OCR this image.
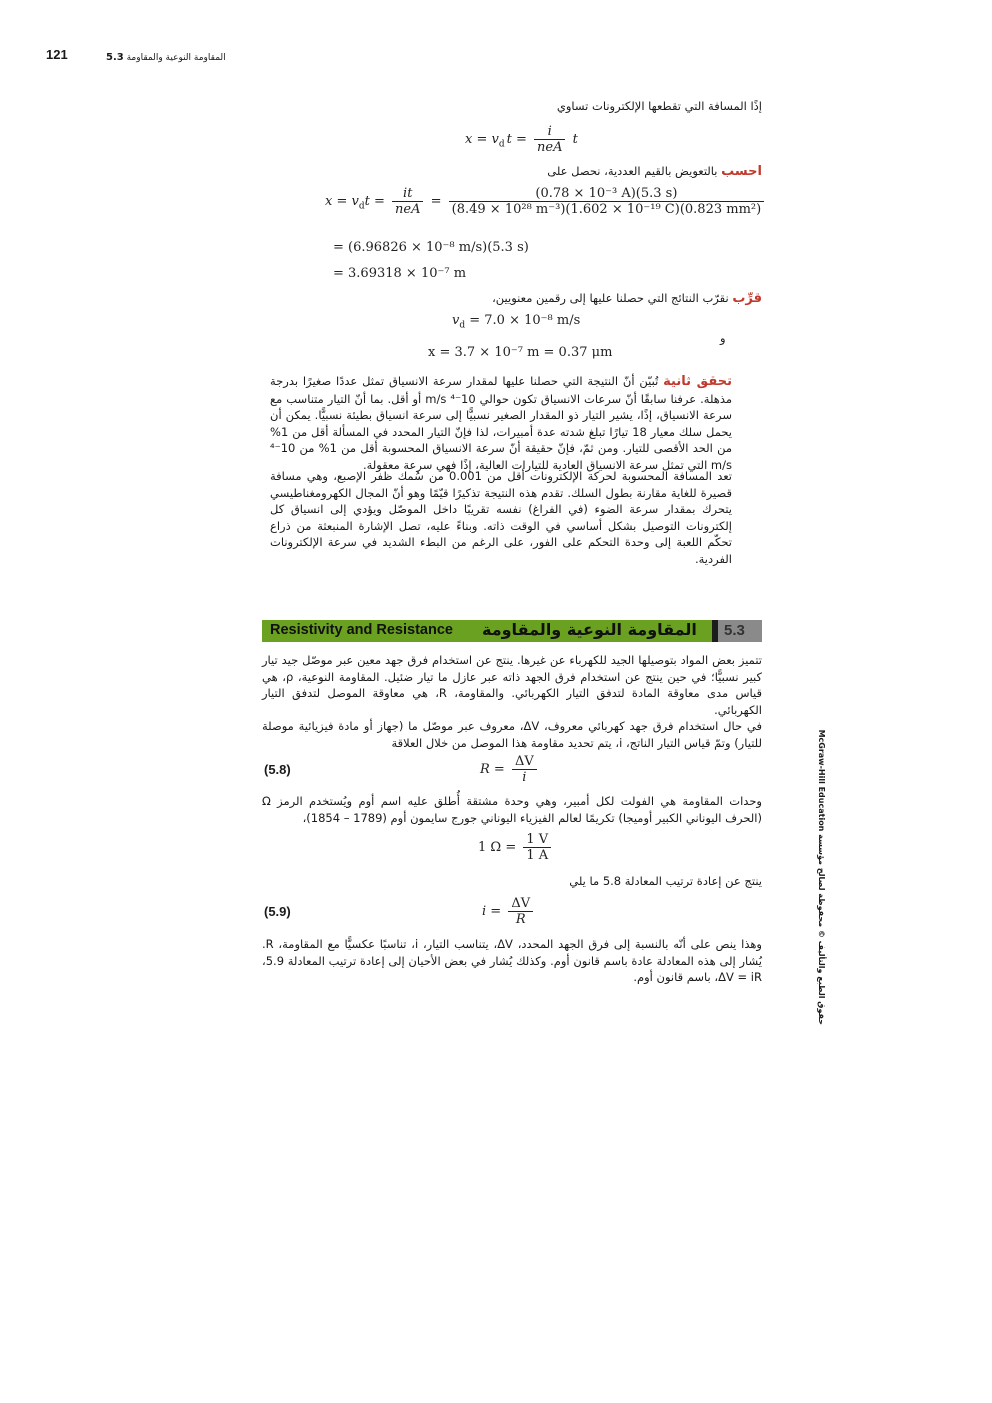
121	المقاومة النوعية والمقاومة 5.3
إذًا المسافة التي تقطعها الإلكترونات تساوي
$x = v_d$ $t = \frac{i}{\text{neA}}$ t
احسب بالتعويض بالقيم العددية، نحصل على
$x = v_dt = \frac{it}{\text{neA}} = \frac{\text{(0.78 × 10⁻³ A)(5.3 s)}}{\text{(8.49 × 10²⁸ m⁻³)(1.602 × 10⁻¹⁹ C)(0.823 mm²)}}$
= (6.96826 × 10⁻⁸ m/s)(5.3 s)
= 3.69318 × 10⁻⁷ m
قرِّب نقرّب النتائج التي حصلنا عليها إلى رقمين معنويين،
$v_d = 7.0 \times 10^{-8}$ m/s
و
x = 3.7 × 10⁻⁷ m = 0.37 μm
تحقق ثانية تُبيّن أنّ النتيجة التي حصلنا عليها لمقدار سرعة الانسياق تمثل عددًا صغيرًا بدرجة مذهلة. عرفنا سابقًا أنّ سرعات الانسياق تكون حوالي 10⁻⁴ m/s أو أقل. بما أنّ التيار متناسب مع سرعة الانسياق، إذًا، يشير التيار ذو المقدار الصغير نسبيًّا إلى سرعة انسياق بطيئة نسبيًّا. يمكن أن يحمل سلك معيار 18 تيارًا تبلغ شدته عدة أمبيرات، لذا فإنّ التيار المحدد في المسألة أقل من 1% من الحد الأقصى للتيار. ومن ثمّ، فإنّ حقيقة أنّ سرعة الانسياق المحسوبة أقل من 1% من 10⁻⁴ m/s التي تمثل سرعة الانسياق العادية للتيارات العالية، إذًا فهي سرعة معقولة.
تعد المسافة المحسوبة لحركة الإلكترونات أقل من 0.001 من سُمك ظفر الإصبع، وهي مسافة قصيرة للغاية مقارنة بطول السلك. تقدم هذه النتيجة تذكيرًا قيّمًا وهو أنّ المجال الكهرومغناطيسي يتحرك بمقدار سرعة الضوء (في الفراغ) نفسه تقريبًا داخل الموصّل ويؤدي إلى انسياق كل إلكترونات التوصيل بشكل أساسي في الوقت ذاته. وبناءً عليه، تصل الإشارة المنبعثة من ذراع تحكّم اللعبة إلى وحدة التحكم على الفور، على الرغم من البطء الشديد في سرعة الإلكترونات الفردية.
Resistivity and Resistance المقاومة النوعية والمقاومة 5.3
تتميز بعض المواد بتوصيلها الجيد للكهرباء عن غيرها. ينتج عن استخدام فرق جهد معين عبر موصّل جيد تيار كبير نسبيًّا؛ في حين ينتج عن استخدام فرق الجهد ذاته عبر عازل ما تيار ضئيل. المقاومة النوعية، ρ، هي قياس مدى معاوقة المادة لتدفق التيار الكهربائي. والمقاومة، R، هي معاوقة الموصل لتدفق التيار الكهربائي.
في حال استخدام فرق جهد كهربائي معروف، ΔV، معروف عبر موصّل ما (جهاز أو مادة فيزيائية موصلة للتيار) وتمّ قياس التيار الناتج، i، يتم تحديد مقاومة هذا الموصل من خلال العلاقة
(5.8)	$R = \frac{\Delta V}{i}$
وحدات المقاومة هي الفولت لكل أمبير، وهي وحدة مشتقة أُطلق عليه اسم أوم ويُستخدم الرمز Ω (الحرف اليوناني الكبير أوميجا) تكريمًا لعالم الفيزياء اليوناني جورج سايمون أوم (1789 – 1854)،
1 $\Omega = \frac{1 V}{1 A}$
ينتج عن إعادة ترتيب المعادلة 5.8 ما يلي
(5.9)	$i = \frac{\Delta V}{R}$
وهذا ينص على أنّه بالنسبة إلى فرق الجهد المحدد، ΔV، يتناسب التيار، i، تناسبًا عكسيًّا مع المقاومة، R. يُشار إلى هذه المعادلة عادة باسم قانون أوم. وكذلك يُشار في بعض الأحيان إلى إعادة ترتيب المعادلة 5.9، ΔV = iR، باسم قانون أوم.
حقوق الطبع والتأليف © محفوظة لصالح مؤسسة McGraw-Hill Education
